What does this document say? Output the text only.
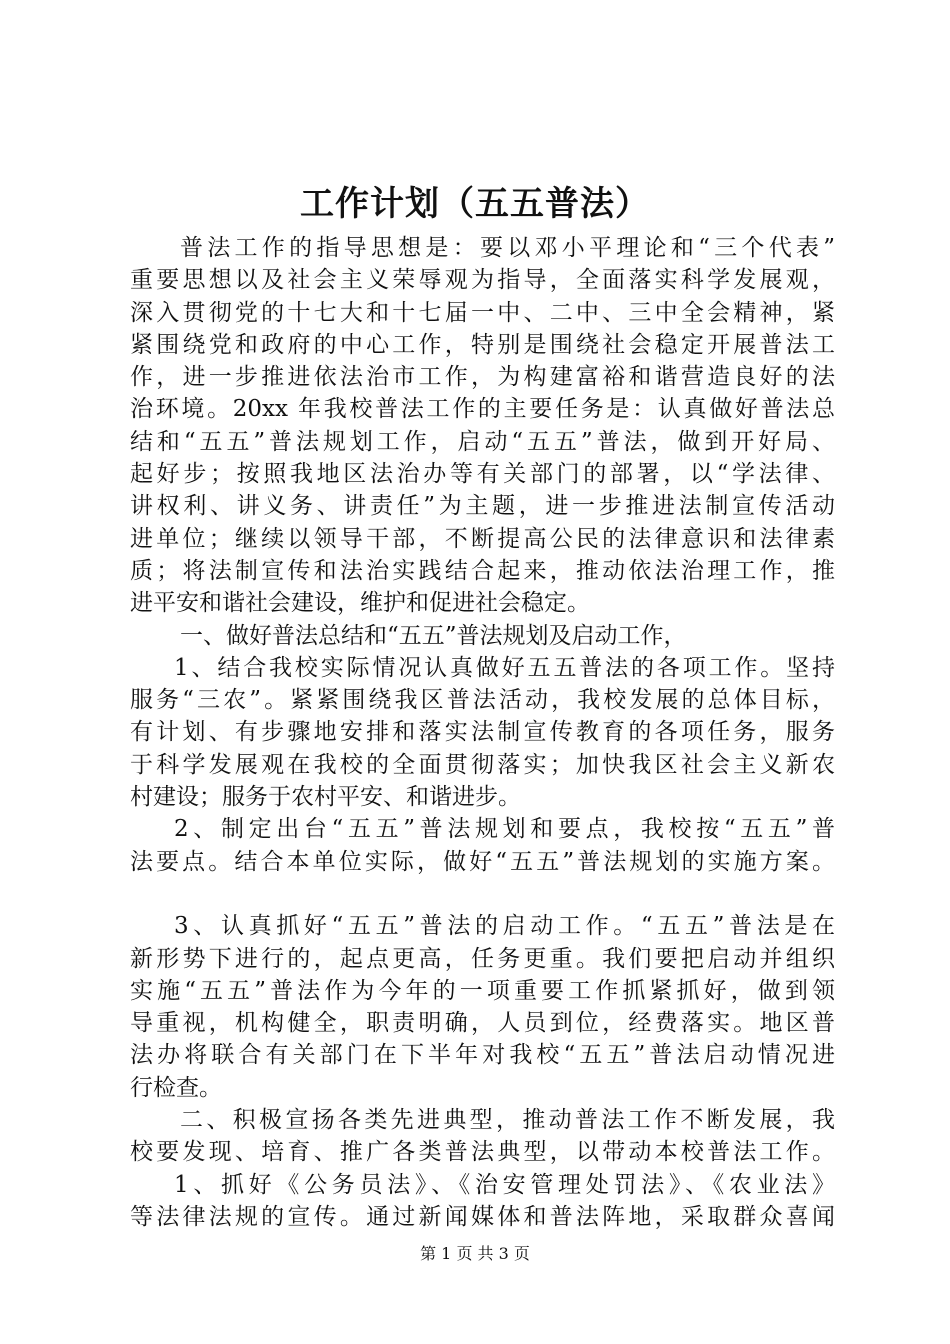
工作计划（五五普法）
普法工作的指导思想是：要以邓小平理论和“三个代表”
重要思想以及社会主义荣辱观为指导，全面落实科学发展观，
深入贯彻党的十七大和十七届一中、二中、三中全会精神，紧
紧围绕党和政府的中心工作，特别是围绕社会稳定开展普法工
作，进一步推进依法治市工作，为构建富裕和谐营造良好的法
治环境。20xx 年我校普法工作的主要任务是：认真做好普法总
结和“五五”普法规划工作，启动“五五”普法，做到开好局、
起好步；按照我地区法治办等有关部门的部署，以“学法律、
讲权利、讲义务、讲责任”为主题，进一步推进法制宣传活动
进单位；继续以领导干部，不断提高公民的法律意识和法律素
质；将法制宣传和法治实践结合起来，推动依法治理工作，推
进平安和谐社会建设，维护和促进社会稳定。
一、做好普法总结和“五五”普法规划及启动工作，
1、结合我校实际情况认真做好五五普法的各项工作。坚持
服务“三农”。紧紧围绕我区普法活动，我校发展的总体目标，
有计划、有步骤地安排和落实法制宣传教育的各项任务，服务
于科学发展观在我校的全面贯彻落实；加快我区社会主义新农
村建设；服务于农村平安、和谐进步。
2、制定出台“五五”普法规划和要点，我校按“五五”普
法要点。结合本单位实际，做好“五五”普法规划的实施方案。
3、认真抓好“五五”普法的启动工作。“五五”普法是在
新形势下进行的，起点更高，任务更重。我们要把启动并组织
实施“五五”普法作为今年的一项重要工作抓紧抓好，做到领
导重视，机构健全，职责明确，人员到位，经费落实。地区普
法办将联合有关部门在下半年对我校“五五”普法启动情况进
行检查。
二、积极宣扬各类先进典型，推动普法工作不断发展，我
校要发现、培育、推广各类普法典型，以带动本校普法工作。
1、抓好《公务员法》、《治安管理处罚法》、《农业法》
等法律法规的宣传。通过新闻媒体和普法阵地，采取群众喜闻
第 1 页 共 3 页
